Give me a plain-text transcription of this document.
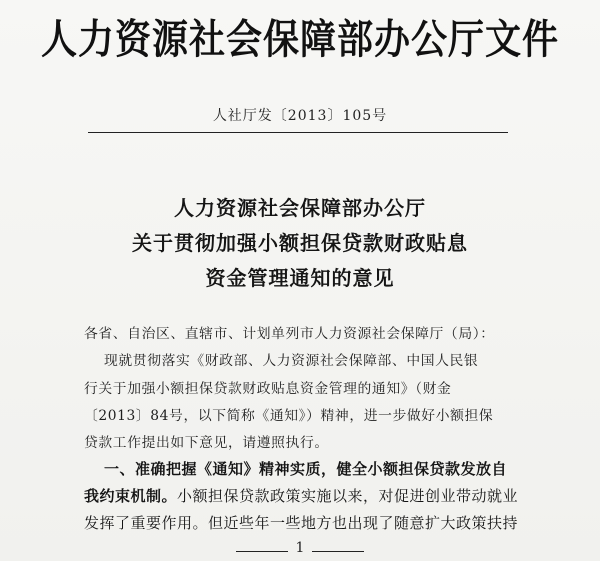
人力资源社会保障部办公厅文件
人社厅发〔2013〕105号
人力资源社会保障部办公厅
关于贯彻加强小额担保贷款财政贴息
资金管理通知的意见
各省、自治区、直辖市、计划单列市人力资源社会保障厅（局）：
现就贯彻落实《财政部、人力资源社会保障部、中国人民银
行关于加强小额担保贷款财政贴息资金管理的通知》（财金
〔2013〕84号，以下简称《通知》）精神，进一步做好小额担保
贷款工作提出如下意见，请遵照执行。
一、准确把握《通知》精神实质，健全小额担保贷款发放自
我约束机制。小额担保贷款政策实施以来，对促进创业带动就业
发挥了重要作用。但近些年一些地方也出现了随意扩大政策扶持
1
